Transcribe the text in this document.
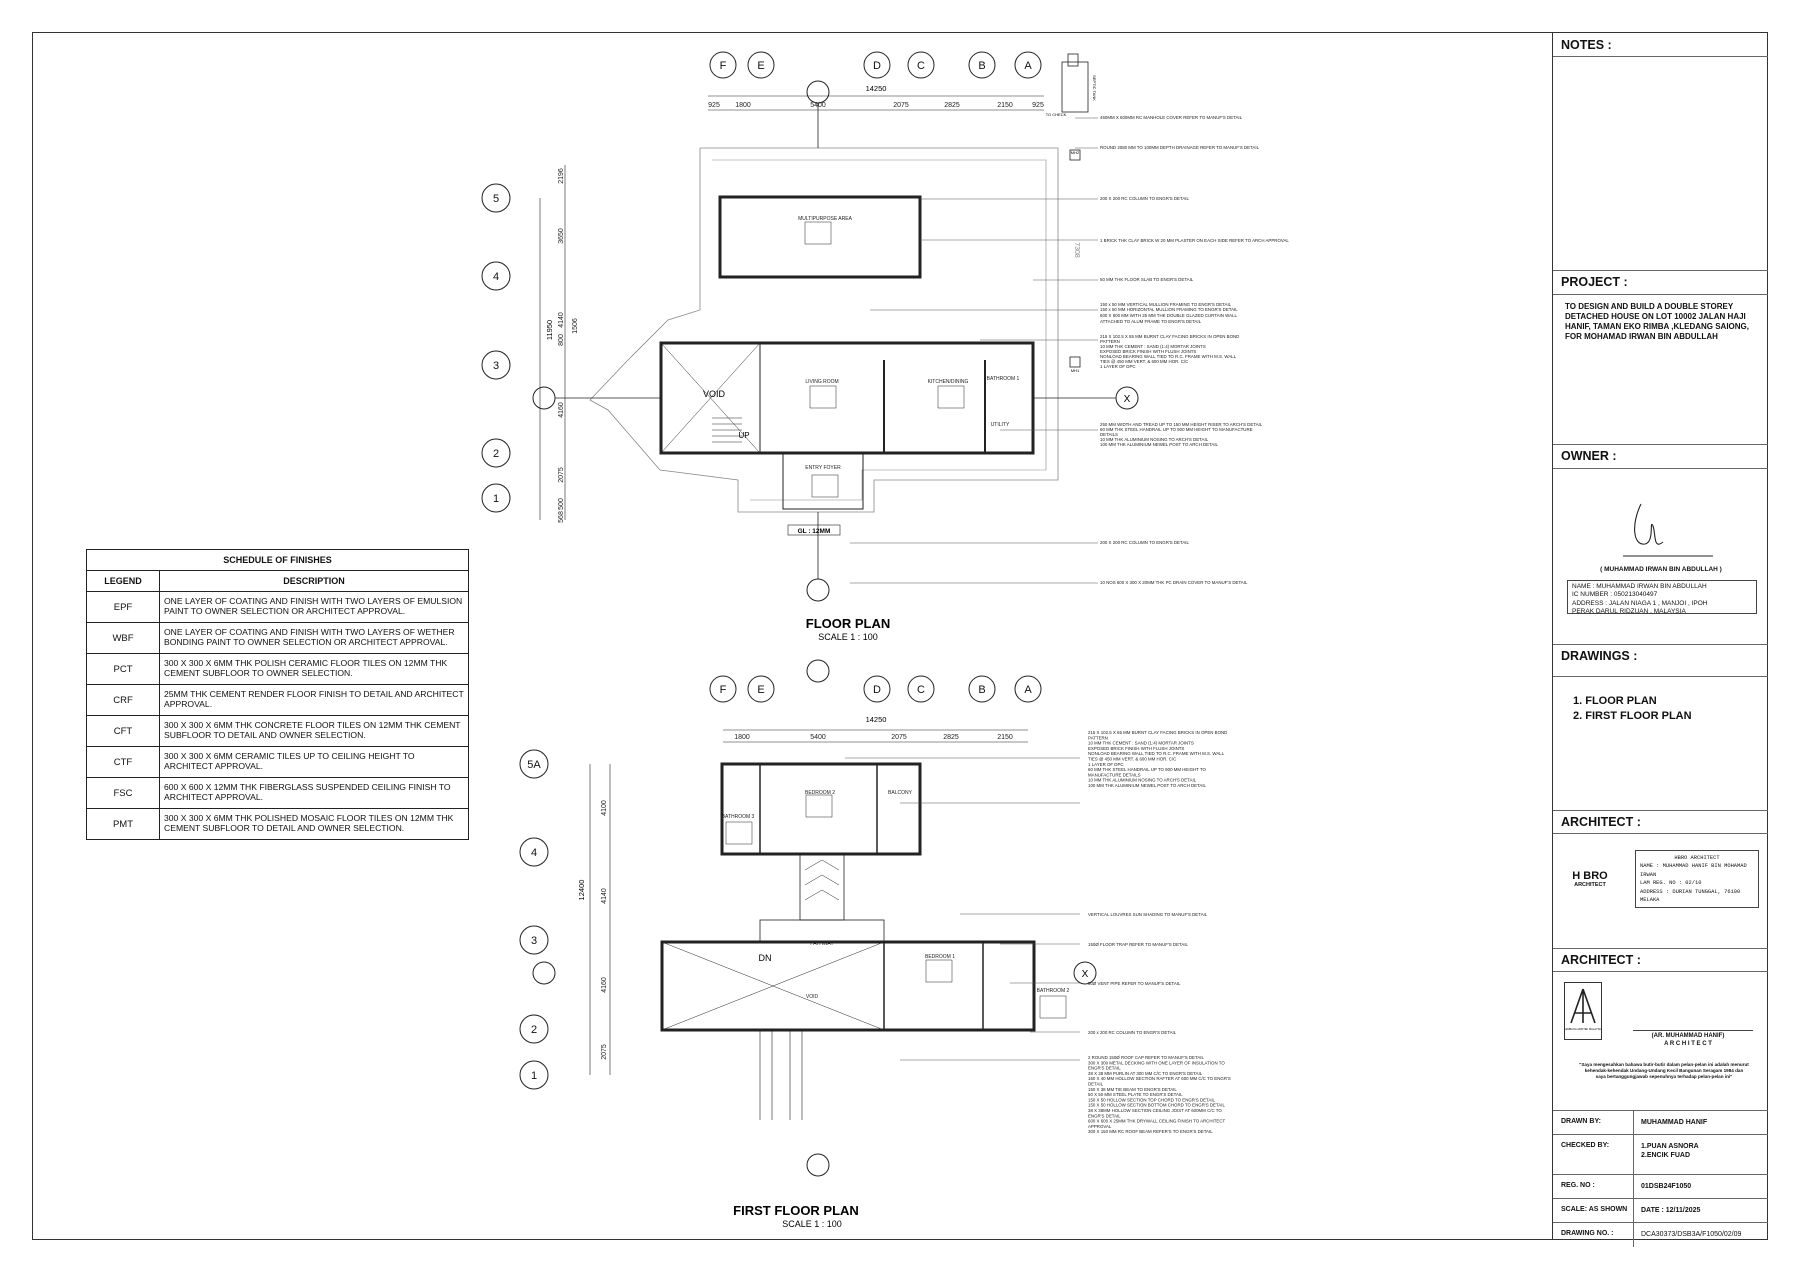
F	E	D	C	B	A
5
4
3
2
1
925 1800	5400	2075	2825	2150	925
2196
3650
4140 1506
800
4160
2075
500
568
14250
11950
7308
SEPTIC TANK
TO CHECK
MH2
MH1
MULTIPURPOSE AREA
LIVING ROOM	KITCHEN/DINING	BATHROOM 1
UTILITY
ENTRY FOYER
VOID
UP
GL : 12MM
X
FLOOR PLAN
SCALE 1 : 100
450MM X 600MM RC MANHOLE COVER REFER TO MANUF'S DETAIL
ROUND 2080 MM TO 100MM DEPTH DRAINAGE REFER TO MANUF'S DETAIL
200 X 200 RC COLUMN TO ENGR'S DETAIL
1 BRICK THK CLAY BRICK W 20 MM PLASTER ON EACH SIDE REFER TO ARCH APPROVAL
50 MM THK FLOOR SLAB TO ENGR'S DETAIL
150 x 50 MM VERTICAL MULLION FRAMING TO ENGR'S DETAIL
150 x 50 MM HORIZONTAL MULLION FRAMING TO ENGR'S DETAIL
600 X 600 MM WITH 25 MM THK DOUBLE GLAZED CURTAIN WALL
ATTACHED TO ALUM FRAME TO ENGR'S DETAIL
215 X 102.5 X 65 MM BURNT CLAY FACING BRICKS IN OPEN BOND
PATTERN
10 MM THK CEMENT : SAND (1:4) MORTAR JOINTS
EXPOSED BRICK FINISH WITH FLUSH JOINTS
NONLOAD BEARING WALL TIED TO R.C. FRAME WITH M.S. WALL
TIES @ 450 MM VERT. & 600 MM HOR. C/C
1 LAYER OF DPC
250 MM WIDTH AND TREAD UP TO 150 MM HEIGHT RISER TO ARCH'S DETAIL
60 MM THK STEEL HANDRAIL UP TO 900 MM HEIGHT TO MANUFACTURE
DETAILS
10 MM THK ALUMINIUM NOSING TO ARCH'S DETAIL
100 MM THK ALUMINIUM NEWEL POST TO ARCH DETAIL
200 X 200 RC COLUMN TO ENGR'S DETAIL
10 NOS 600 X 300 X 20MM THK PC DRAIN COVER TO MANUF'S DETAIL
F	E	D	C	B	A
5A
4
3
2
1
1800	5400	2075	2825	2150
4100
4140
4160
2075
14250
12400
BEDROOM 2	BALCONY
BATHROOM 3
PATHWAY
BEDROOM 1
BATHROOM 2
VOID
DN
X
FIRST FLOOR PLAN
SCALE 1 : 100
215 X 102.5 X 65 MM BURNT CLAY FACING BRICKS IN OPEN BOND
PATTERN
10 MM THK CEMENT : SAND (1:4) MORTAR JOINTS
EXPOSED BRICK FINISH WITH FLUSH JOINTS
NONLOAD BEARING WALL TIED TO R.C. FRAME WITH M.S. WALL
TIES @ 450 MM VERT. & 600 MM HOR. C/C
1 LAYER OF DPC
60 MM THK STEEL HANDRAIL UP TO 900 MM HEIGHT TO
MANUFACTURE DETAILS
10 MM THK ALUMINIUM NOSING TO ARCH'S DETAIL
100 MM THK ALUMINIUM NEWEL POST TO ARCH DETAIL
VERTICAL LOUVRES SUN SHADING TO MANUF'S DETAIL
150Ø FLOOR TRAP REFER TO MANUF'S DETAIL
50Ø VENT PIPE REFER TO MANUF'S DETAIL
200 x 200 RC COLUMN TO ENGR'S DETAIL
2 ROUND 150Ø ROOF CAP REFER TO MANUF'S DETAIL
300 X 300 METAL DECKING WITH ONE LAYER OF INSULATION TO
ENGR'S DETAIL
38 X 38 MM PURLIN AT 300 MM C/C TO ENGR'S DETAIL
150 X 40 MM HOLLOW SECTION RAFTER AT 600 MM C/C TO ENGR'S
DETAIL
150 X 38 MM TIE BEAM TO ENGR'S DETAIL
50 X 50 MM STEEL PLATE TO ENGR'S DETAIL
150 X 50 HOLLOW SECTION TOP CHORD TO ENGR'S DETAIL
150 X 50 HOLLOW SECTION BOTTOM CHORD TO ENGR'S DETAIL
38 X 38MM HOLLOW SECTION CEILING JOIST AT 600MM C/C TO
ENGR'S DETAIL
600 X 600 X 25MM THK DRYWALL CEILING FINISH TO ARCHITECT
APPROVAL
300 X 150 MM RC ROOF BEAM REFER'S TO ENGR'S DETAIL
SCHEDULE OF FINISHES	
LEGEND	DESCRIPTION
EPF	ONE LAYER OF COATING AND FINISH WITH TWO LAYERS OF EMULSION PAINT TO OWNER SELECTION OR ARCHITECT APPROVAL.
WBF	ONE LAYER OF COATING AND FINISH WITH TWO LAYERS OF WETHER BONDING PAINT TO OWNER SELECTION OR ARCHITECT APPROVAL.
PCT	300 X 300 X 6MM THK POLISH CERAMIC FLOOR TILES ON 12MM THK CEMENT SUBFLOOR TO OWNER SELECTION.
CRF	25MM THK CEMENT RENDER FLOOR FINISH TO DETAIL AND ARCHITECT APPROVAL.
CFT	300 X 300 X 6MM THK CONCRETE FLOOR TILES ON 12MM THK CEMENT SUBFLOOR TO DETAIL AND OWNER SELECTION.
CTF	300 X 300 X 6MM CERAMIC TILES UP TO CEILING HEIGHT TO ARCHITECT APPROVAL.
FSC	600 X 600 X 12MM THK FIBERGLASS SUSPENDED CEILING FINISH TO ARCHITECT APPROVAL.
PMT	300 X 300 X 6MM THK POLISHED MOSAIC FLOOR TILES ON 12MM THK CEMENT SUBFLOOR TO DETAIL AND OWNER SELECTION.
NOTES :
PROJECT :
TO DESIGN AND BUILD A DOUBLE STOREY DETACHED HOUSE ON LOT 10002 JALAN HAJI HANIF, TAMAN EKO RIMBA ,KLEDANG SAIONG, FOR MOHAMAD IRWAN BIN ABDULLAH
OWNER :
( MUHAMMAD IRWAN BIN ABDULLAH )
NAME : MUHAMMAD IRWAN BIN ABDULLAH
IC NUMBER : 050213040497
ADDRESS : JALAN NIAGA 1 , MANJOI , IPOH
PERAK DARUL RIDZUAN , MALAYSIA
DRAWINGS :
1. FLOOR PLAN
2. FIRST FLOOR PLAN
ARCHITECT :
H BRO
ARCHITECT
HBRO ARCHITECT
NAME : MUHAMMAD HANIF BIN MOHAMAD
IRWAN
LAM REG. NO : 02/10
ADDRESS : DURIAN TUNGGAL, 76100
MELAKA
ARCHITECT :
LEMBAGA ARKITEK MALAYSIA
(AR. MUHAMMAD HANIF)
A R C H I T E C T
"Saya mengesahkan bahawa butir-butir dalam pelan-pelan ini adalah menurut kehendak-kehendak Undang-Undang Kecil Bangunan Seragam 1984 dan saya bertanggungjawab sepenuhnya terhadap pelan-pelan ini"
DRAWN BY:	MUHAMMAD HANIF
CHECKED BY:	1.PUAN ASNORA
2.ENCIK FUAD
REG. NO :	01DSB24F1050
SCALE: AS SHOWN DATE : 12/11/2025
DRAWING NO. :	DCA30373/DSB3A/F1050/02/09
